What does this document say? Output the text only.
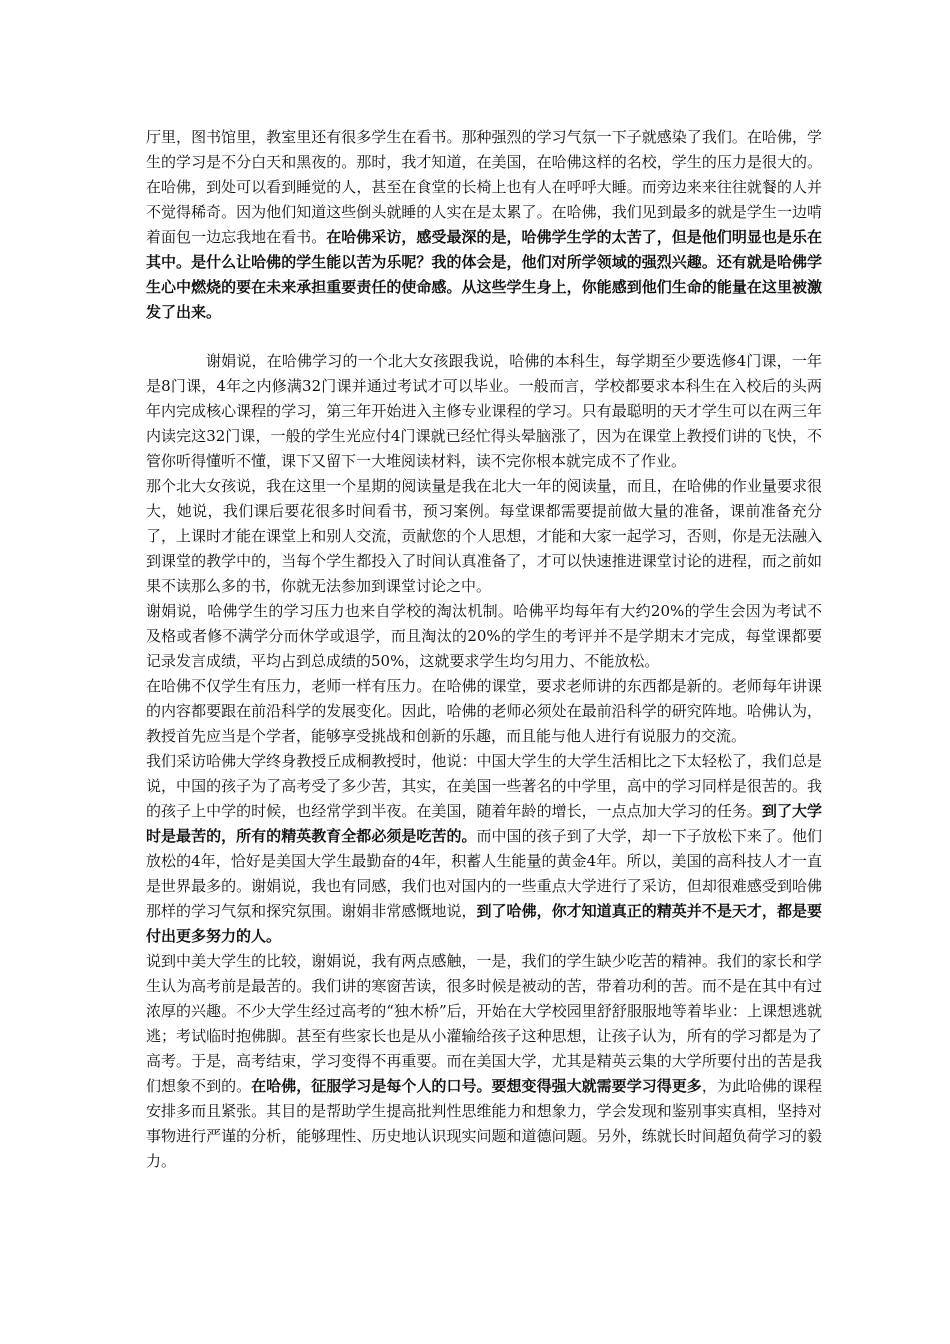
厅里，图书馆里，教室里还有很多学生在看书。那种强烈的学习气氛一下子就感染了我们。在哈佛，学生的学习是不分白天和黑夜的。那时，我才知道，在美国，在哈佛这样的名校，学生的压力是很大的。在哈佛，到处可以看到睡觉的人，甚至在食堂的长椅上也有人在呼呼大睡。而旁边来来往往就餐的人并不觉得稀奇。因为他们知道这些倒头就睡的人实在是太累了。在哈佛，我们见到最多的就是学生一边啃着面包一边忘我地在看书。在哈佛采访，感受最深的是，哈佛学生学的太苦了，但是他们明显也是乐在其中。是什么让哈佛的学生能以苦为乐呢？我的体会是，他们对所学领域的强烈兴趣。还有就是哈佛学生心中燃烧的要在未来承担重要责任的使命感。从这些学生身上，你能感到他们生命的能量在这里被激发了出来。

谢娟说，在哈佛学习的一个北大女孩跟我说，哈佛的本科生，每学期至少要选修4门课，一年是8门课，4年之内修满32门课并通过考试才可以毕业。一般而言，学校都要求本科生在入校后的头两年内完成核心课程的学习，第三年开始进入主修专业课程的学习。只有最聪明的天才学生可以在两三年内读完这32门课，一般的学生光应付4门课就已经忙得头晕脑涨了，因为在课堂上教授们讲的飞快，不管你听得懂听不懂，课下又留下一大堆阅读材料，读不完你根本就完成不了作业。

那个北大女孩说，我在这里一个星期的阅读量是我在北大一年的阅读量，而且，在哈佛的作业量要求很大，她说，我们课后要花很多时间看书，预习案例。每堂课都需要提前做大量的准备，课前准备充分了，上课时才能在课堂上和别人交流，贡献您的个人思想，才能和大家一起学习，否则，你是无法融入到课堂的教学中的，当每个学生都投入了时间认真准备了，才可以快速推进课堂讨论的进程，而之前如果不读那么多的书，你就无法参加到课堂讨论之中。

谢娟说，哈佛学生的学习压力也来自学校的淘汰机制。哈佛平均每年有大约20%的学生会因为考试不及格或者修不满学分而休学或退学，而且淘汰的20%的学生的考评并不是学期末才完成，每堂课都要记录发言成绩，平均占到总成绩的50%，这就要求学生均匀用力、不能放松。

在哈佛不仅学生有压力，老师一样有压力。在哈佛的课堂，要求老师讲的东西都是新的。老师每年讲课的内容都要跟在前沿科学的发展变化。因此，哈佛的老师必须处在最前沿科学的研究阵地。哈佛认为，教授首先应当是个学者，能够享受挑战和创新的乐趣，而且能与他人进行有说服力的交流。

我们采访哈佛大学终身教授丘成桐教授时，他说：中国大学生的大学生活相比之下太轻松了，我们总是说，中国的孩子为了高考受了多少苦，其实，在美国一些著名的中学里，高中的学习同样是很苦的。我的孩子上中学的时候，也经常学到半夜。在美国，随着年龄的增长，一点点加大学习的任务。到了大学时是最苦的，所有的精英教育全都必须是吃苦的。而中国的孩子到了大学，却一下子放松下来了。他们放松的4年，恰好是美国大学生最勤奋的4年，积蓄人生能量的黄金4年。所以，美国的高科技人才一直是世界最多的。谢娟说，我也有同感，我们也对国内的一些重点大学进行了采访，但却很难感受到哈佛那样的学习气氛和探究氛围。谢娟非常感慨地说，到了哈佛，你才知道真正的精英并不是天才，都是要付出更多努力的人。

说到中美大学生的比较，谢娟说，我有两点感触，一是，我们的学生缺少吃苦的精神。我们的家长和学生认为高考前是最苦的。我们讲的寒窗苦读，很多时候是被动的苦，带着功利的苦。而不是在其中有过浓厚的兴趣。不少大学生经过高考的“独木桥”后，开始在大学校园里舒舒服服地等着毕业：上课想逃就逃；考试临时抱佛脚。甚至有些家长也是从小灌输给孩子这种思想，让孩子认为，所有的学习都是为了高考。于是，高考结束，学习变得不再重要。而在美国大学，尤其是精英云集的大学所要付出的苦是我们想象不到的。在哈佛，征服学习是每个人的口号。要想变得强大就需要学习得更多，为此哈佛的课程安排多而且紧张。其目的是帮助学生提高批判性思维能力和想象力，学会发现和鉴别事实真相，坚持对事物进行严谨的分析，能够理性、历史地认识现实问题和道德问题。另外，练就长时间超负荷学习的毅力。
